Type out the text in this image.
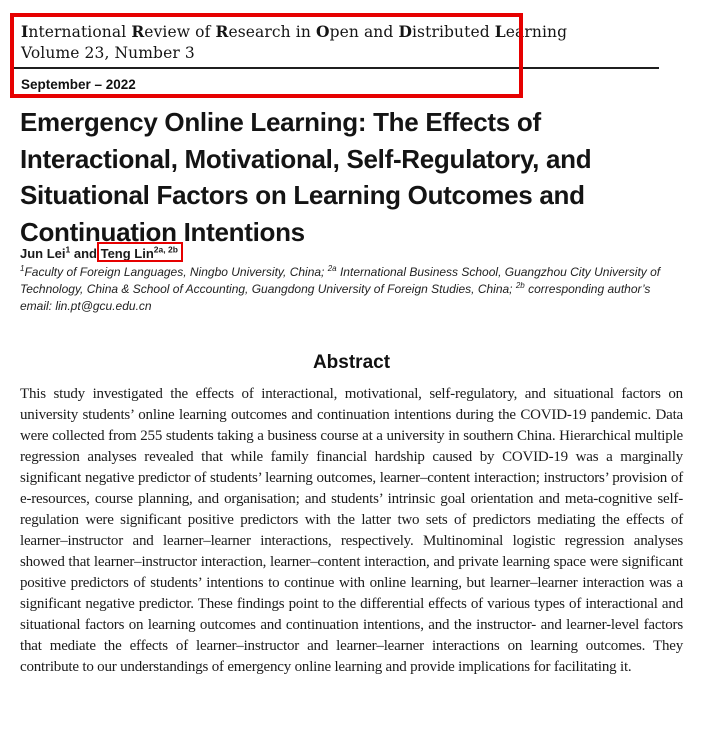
International Review of Research in Open and Distributed Learning
Volume 23, Number 3
September – 2022
Emergency Online Learning: The Effects of Interactional, Motivational, Self-Regulatory, and Situational Factors on Learning Outcomes and Continuation Intentions
Jun Lei$^1$ and Teng Lin$^{2a, 2b}$

$^1$Faculty of Foreign Languages, Ningbo University, China; $^{2a}$ International Business School, Guangzhou City University of Technology, China & School of Accounting, Guangdong University of Foreign Studies, China; $^{2b}$ corresponding author’s email: lin.pt@gcu.edu.cn

Abstract

This study investigated the effects of interactional, motivational, self-regulatory, and situational factors on university students’ online learning outcomes and continuation intentions during the COVID-19 pandemic. Data were collected from 255 students taking a business course at a university in southern China. Hierarchical multiple regression analyses revealed that while family financial hardship caused by COVID-19 was a marginally significant negative predictor of students’ learning outcomes, learner–content interaction; instructors’ provision of e-resources, course planning, and organisation; and students’ intrinsic goal orientation and meta-cognitive self-regulation were significant positive predictors with the latter two sets of predictors mediating the effects of learner–instructor and learner–learner interactions, respectively. Multinominal logistic regression analyses showed that learner–instructor interaction, learner–content interaction, and private learning space were significant positive predictors of students’ intentions to continue with online learning, but learner–learner interaction was a significant negative predictor. These findings point to the differential effects of various types of interactional and situational factors on learning outcomes and continuation intentions, and the instructor- and learner-level factors that mediate the effects of learner–instructor and learner–learner interactions on learning outcomes. They contribute to our understandings of emergency online learning and provide implications for facilitating it.
